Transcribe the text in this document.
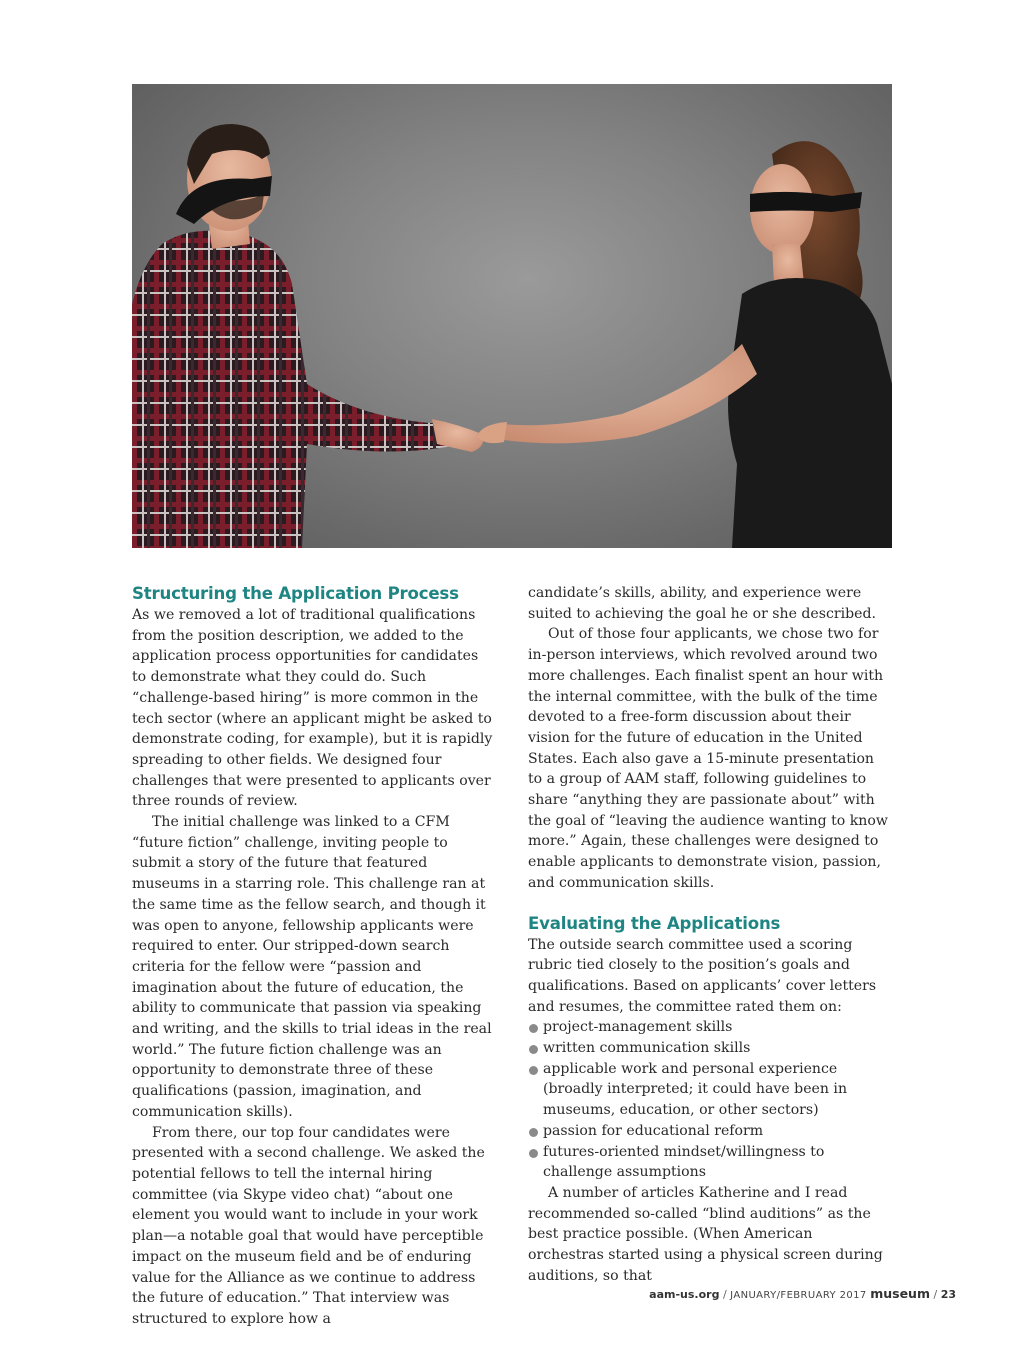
Structuring the Application Process

As we removed a lot of traditional qualifications from the position description, we added to the application process opportunities for candidates to demonstrate what they could do. Such “challenge-based hiring” is more common in the tech sector (where an applicant might be asked to demonstrate coding, for example), but it is rapidly spreading to other fields. We designed four challenges that were presented to applicants over three rounds of review.

The initial challenge was linked to a CFM “future fiction” challenge, inviting people to submit a story of the future that featured museums in a starring role. This challenge ran at the same time as the fellow search, and though it was open to anyone, fellowship applicants were required to enter. Our stripped-down search criteria for the fellow were “passion and imagination about the future of education, the ability to communicate that passion via speaking and writing, and the skills to trial ideas in the real world.” The future fiction challenge was an opportunity to demonstrate three of these qualifications (passion, imagination, and communication skills).

From there, our top four candidates were presented with a second challenge. We asked the potential fellows to tell the internal hiring committee (via Skype video chat) “about one element you would want to include in your work plan—a notable goal that would have perceptible impact on the museum field and be of enduring value for the Alliance as we continue to address the future of education.” That interview was structured to explore how a

candidate’s skills, ability, and experience were suited to achieving the goal he or she described.

Out of those four applicants, we chose two for in-person interviews, which revolved around two more challenges. Each finalist spent an hour with the internal committee, with the bulk of the time devoted to a free-form discussion about their vision for the future of education in the United States. Each also gave a 15-minute presentation to a group of AAM staff, following guidelines to share “anything they are passionate about” with the goal of “leaving the audience wanting to know more.” Again, these challenges were designed to enable applicants to demonstrate vision, passion, and communication skills.

Evaluating the Applications

The outside search committee used a scoring rubric tied closely to the position’s goals and qualifications. Based on applicants’ cover letters and resumes, the committee rated them on:

project-management skills
written communication skills
applicable work and personal experience (broadly interpreted; it could have been in museums, education, or other sectors)
passion for educational reform
futures-oriented mindset/willingness to challenge assumptions

A number of articles Katherine and I read recommended so-called “blind auditions” as the best practice possible. (When American orchestras started using a physical screen during auditions, so that

aam-us.org / JANUARY/FEBRUARY 2017 museum / 23
